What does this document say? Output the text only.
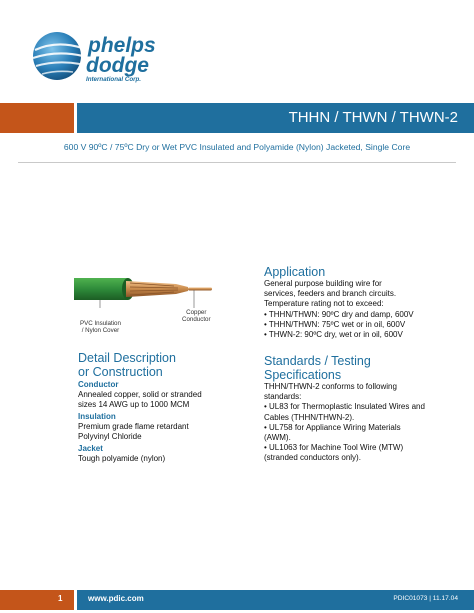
phelps
dodge
International Corp.
THHN / THWN / THWN-2
600 V 90ºC / 75ºC Dry or Wet PVC Insulated and Polyamide (Nylon) Jacketed, Single Core
PVC Insulation
/ Nylon Cover
Copper
Conductor
Detail Description
or Construction
Conductor
Annealed copper, solid or stranded
sizes 14 AWG up to 1000 MCM
Insulation
Premium grade flame retardant
Polyvinyl Chloride
Jacket
Tough polyamide (nylon)
Application
General purpose building wire for
services, feeders and branch circuits.
Temperature rating not to exceed:
• THHN/THWN: 90ºC dry and damp, 600V
• THHN/THWN: 75ºC wet or in oil, 600V
• THWN-2: 90ºC dry, wet or in oil, 600V
Standards / Testing
Specifications
THHN/THWN-2 conforms to following
standards:
• UL83 for Thermoplastic Insulated Wires and
Cables (THHN/THWN-2).
• UL758 for Appliance Wiring Materials
(AWM).
• UL1063 for Machine Tool Wire (MTW)
(stranded conductors only).
1	www.pdic.com	PDIC01073 | 11.17.04
